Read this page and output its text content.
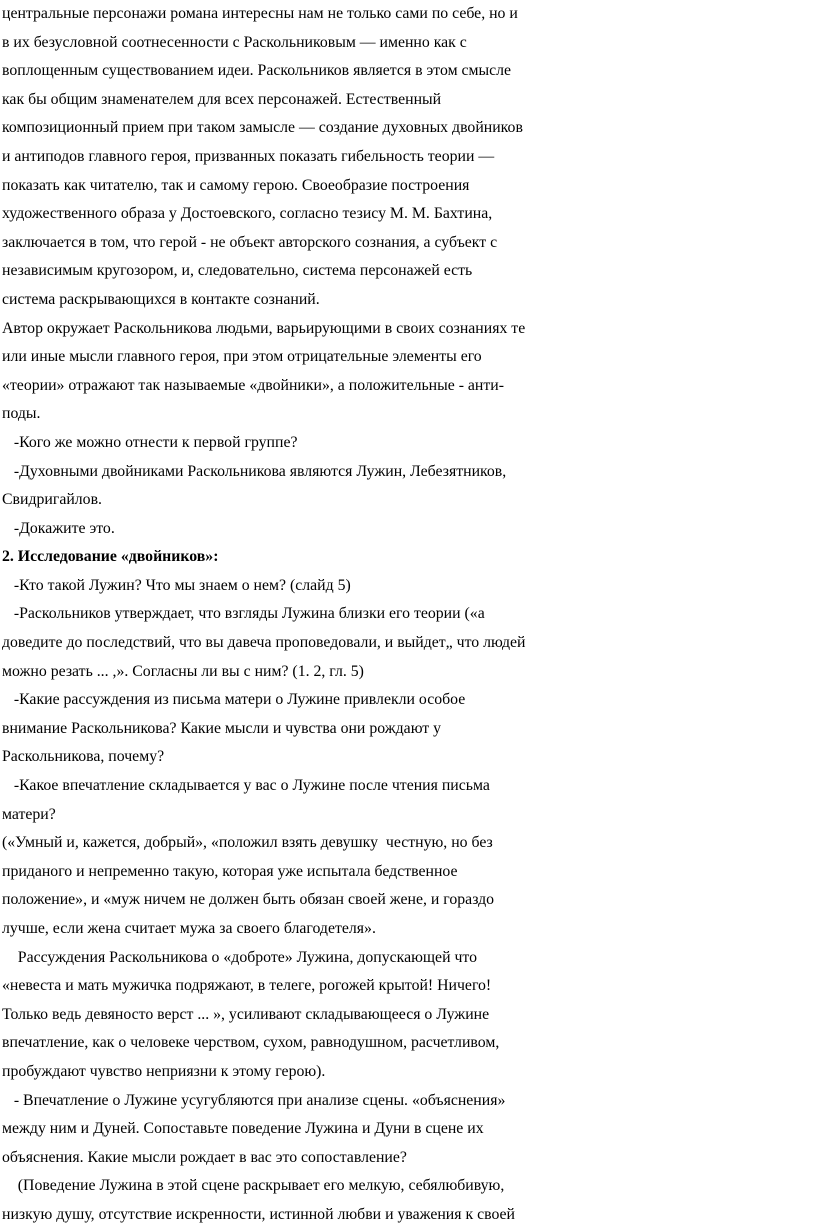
центральные персонажи романа интересны нам не только сами по себе, но и
в их безусловной соотнесенности с Раскольниковым — именно как с
воплощенным существованием идеи. Раскольников является в этом смысле
как бы общим знаменателем для всех персонажей. Естественный
композиционный прием при таком замысле — создание духовных двойников
и антиподов главного героя, призванных показать гибельность теории —
показать как читателю, так и самому герою. Своеобразие построения
художественного образа у Достоевского, согласно тезису М. М. Бахтина,
заключается в том, что герой - не объект авторского сознания, а субъект с
независимым кругозором, и, следовательно, система персонажей есть
система раскрывающихся в контакте сознаний.
Автор окружает Раскольникова людьми, варьирующими в своих сознаниях те
или иные мысли главного героя, при этом отрицательные элементы его
«теории» отражают так называемые «двойники», а положительные - анти-
поды.
-Кого же можно отнести к первой группе?
-Духовными двойниками Раскольникова являются Лужин, Лебезятников,
Свидригайлов.
-Докажите это.
2. Исследование «двойников»:
-Кто такой Лужин? Что мы знаем о нем? (слайд 5)
-Раскольников утверждает, что взгляды Лужина близки его теории («а
доведите до последствий, что вы давеча проповедовали, и выйдет„ что людей
можно резать ... ,». Согласны ли вы с ним? (1. 2, гл. 5)
-Какие рассуждения из письма матери о Лужине привлекли особое
внимание Раскольникова? Какие мысли и чувства они рождают у
Раскольникова, почему?
-Какое впечатление складывается у вас о Лужине после чтения письма
матери?
(«Умный и, кажется, добрый», «положил взять девушку  честную, но без
приданого и непременно такую, которая уже испытала бедственное
положение», и «муж ничем не должен быть обязан своей жене, и гораздо
лучше, если жена считает мужа за своего благодетеля».
Рассуждения Раскольникова о «доброте» Лужина, допускающей что
«невеста и мать мужичка подряжают, в телеге, рогожей крытой! Ничего!
Только ведь девяносто верст ... », усиливают складывающееся о Лужине
впечатление, как о человеке черством, сухом, равнодушном, расчетливом,
пробуждают чувство неприязни к этому герою).
- Впечатление о Лужине усугубляются при анализе сцены. «объяснения»
между ним и Дуней. Сопоставьте поведение Лужина и Дуни в сцене их
объяснения. Какие мысли рождает в вас это сопоставление?
(Поведение Лужина в этой сцене раскрывает его мелкую, себялюбивую,
низкую душу, отсутствие искренности, истинной любви и уважения к своей
